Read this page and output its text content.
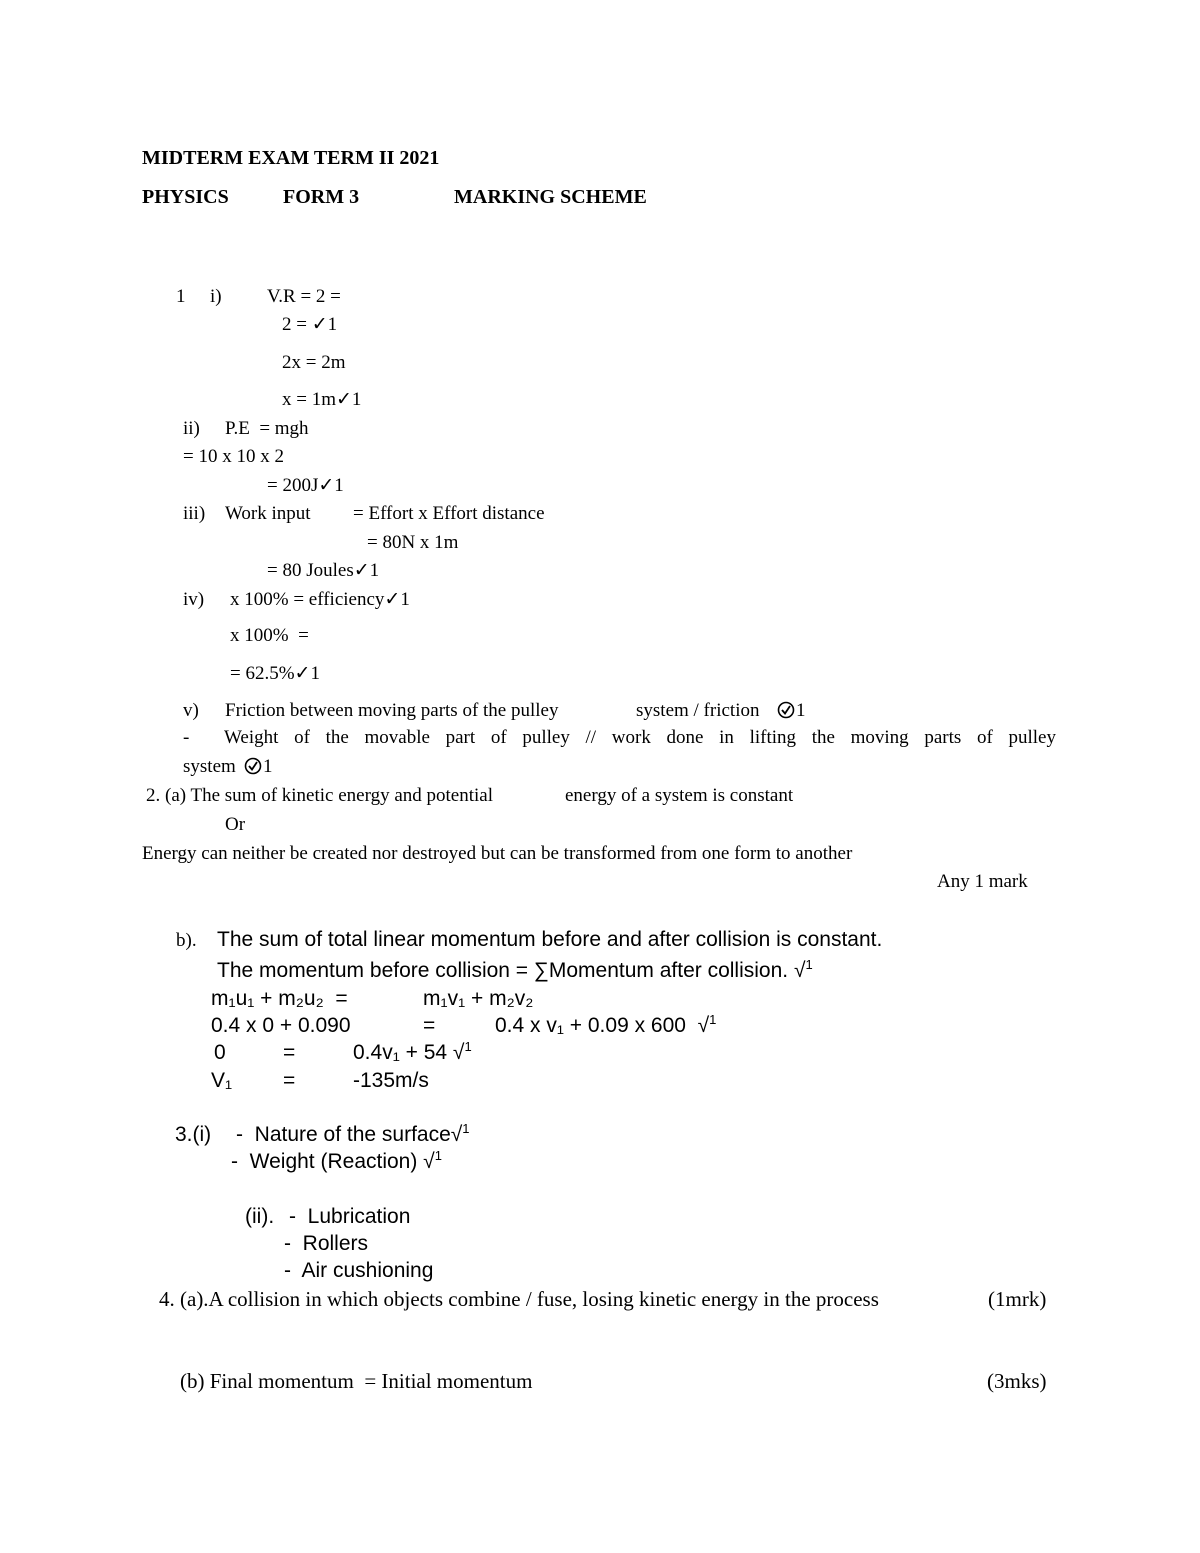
MIDTERM EXAM TERM II 2021
PHYSICS	FORM 3	MARKING SCHEME
1 i) V.R = 2 =
2 = ✓1
2x = 2m
x = 1m✓1
ii) P.E  = mgh
= 10 x 10 x 2
= 200J✓1
iii) Work input = Effort x Effort distance
= 80N x 1m
= 80 Joules✓1
iv) x 100% = efficiency✓1
x 100%  =
= 62.5%✓1
v) Friction between moving parts of the pulley	system / friction 1
- Weight of the movable part of pulley // work done in lifting the moving parts of pulley
system 1
2. (a) The sum of kinetic energy and potential	energy of a system is constant
Or
Energy can neither be created nor destroyed but can be transformed from one form to another
Any 1 mark
b). The sum of total linear momentum before and after collision is constant.
The momentum before collision = ∑Momentum after collision. √$^1$
m₁u₁ + m₂u₂  =	m₁v₁ + m₂v₂
0.4 x 0 + 0.090	=	0.4 x v₁ + 0.09 x 600  √$^1$
0	=	0.4v₁ + 54 √$^1$
V₁ =	-135m/s
3.(i) -  Nature of the surface√$^1$
-  Weight (Reaction) √$^1$
(ii). -  Lubrication
-  Rollers
-  Air cushioning
4. (a).A collision in which objects combine / fuse, losing kinetic energy in the process	(1mrk)
(b) Final momentum  = Initial momentum	(3mks)
